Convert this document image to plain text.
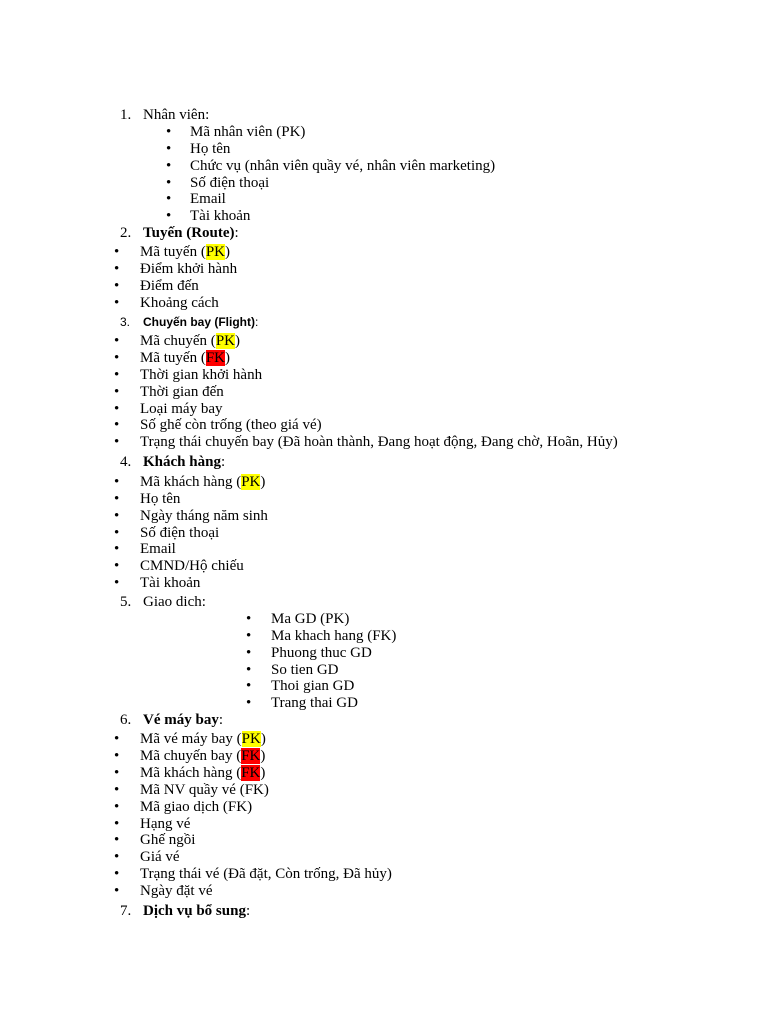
1. Nhân viên:
• Mã nhân viên (PK)
• Họ tên
• Chức vụ (nhân viên quầy vé, nhân viên marketing)
• Số điện thoại
• Email
• Tài khoản
2. Tuyến (Route):
• Mã tuyến (PK)
• Điểm khởi hành
• Điểm đến
• Khoảng cách
3. Chuyến bay (Flight):
• Mã chuyến (PK)
• Mã tuyến (FK)
• Thời gian khởi hành
• Thời gian đến
• Loại máy bay
• Số ghế còn trống (theo giá vé)
• Trạng thái chuyến bay (Đã hoàn thành, Đang hoạt động, Đang chờ, Hoãn, Hủy)
4. Khách hàng:
• Mã khách hàng (PK)
• Họ tên
• Ngày tháng năm sinh
• Số điện thoại
• Email
• CMND/Hộ chiếu
• Tài khoản
5. Giao dich:
• Ma GD (PK)
• Ma khach hang (FK)
• Phuong thuc GD
• So tien GD
• Thoi gian GD
• Trang thai GD
6. Vé máy bay:
• Mã vé máy bay (PK)
• Mã chuyến bay (FK)
• Mã khách hàng (FK)
• Mã NV quầy vé (FK)
• Mã giao dịch (FK)
• Hạng vé
• Ghế ngồi
• Giá vé
• Trạng thái vé (Đã đặt, Còn trống, Đã hủy)
• Ngày đặt vé
7. Dịch vụ bổ sung:
